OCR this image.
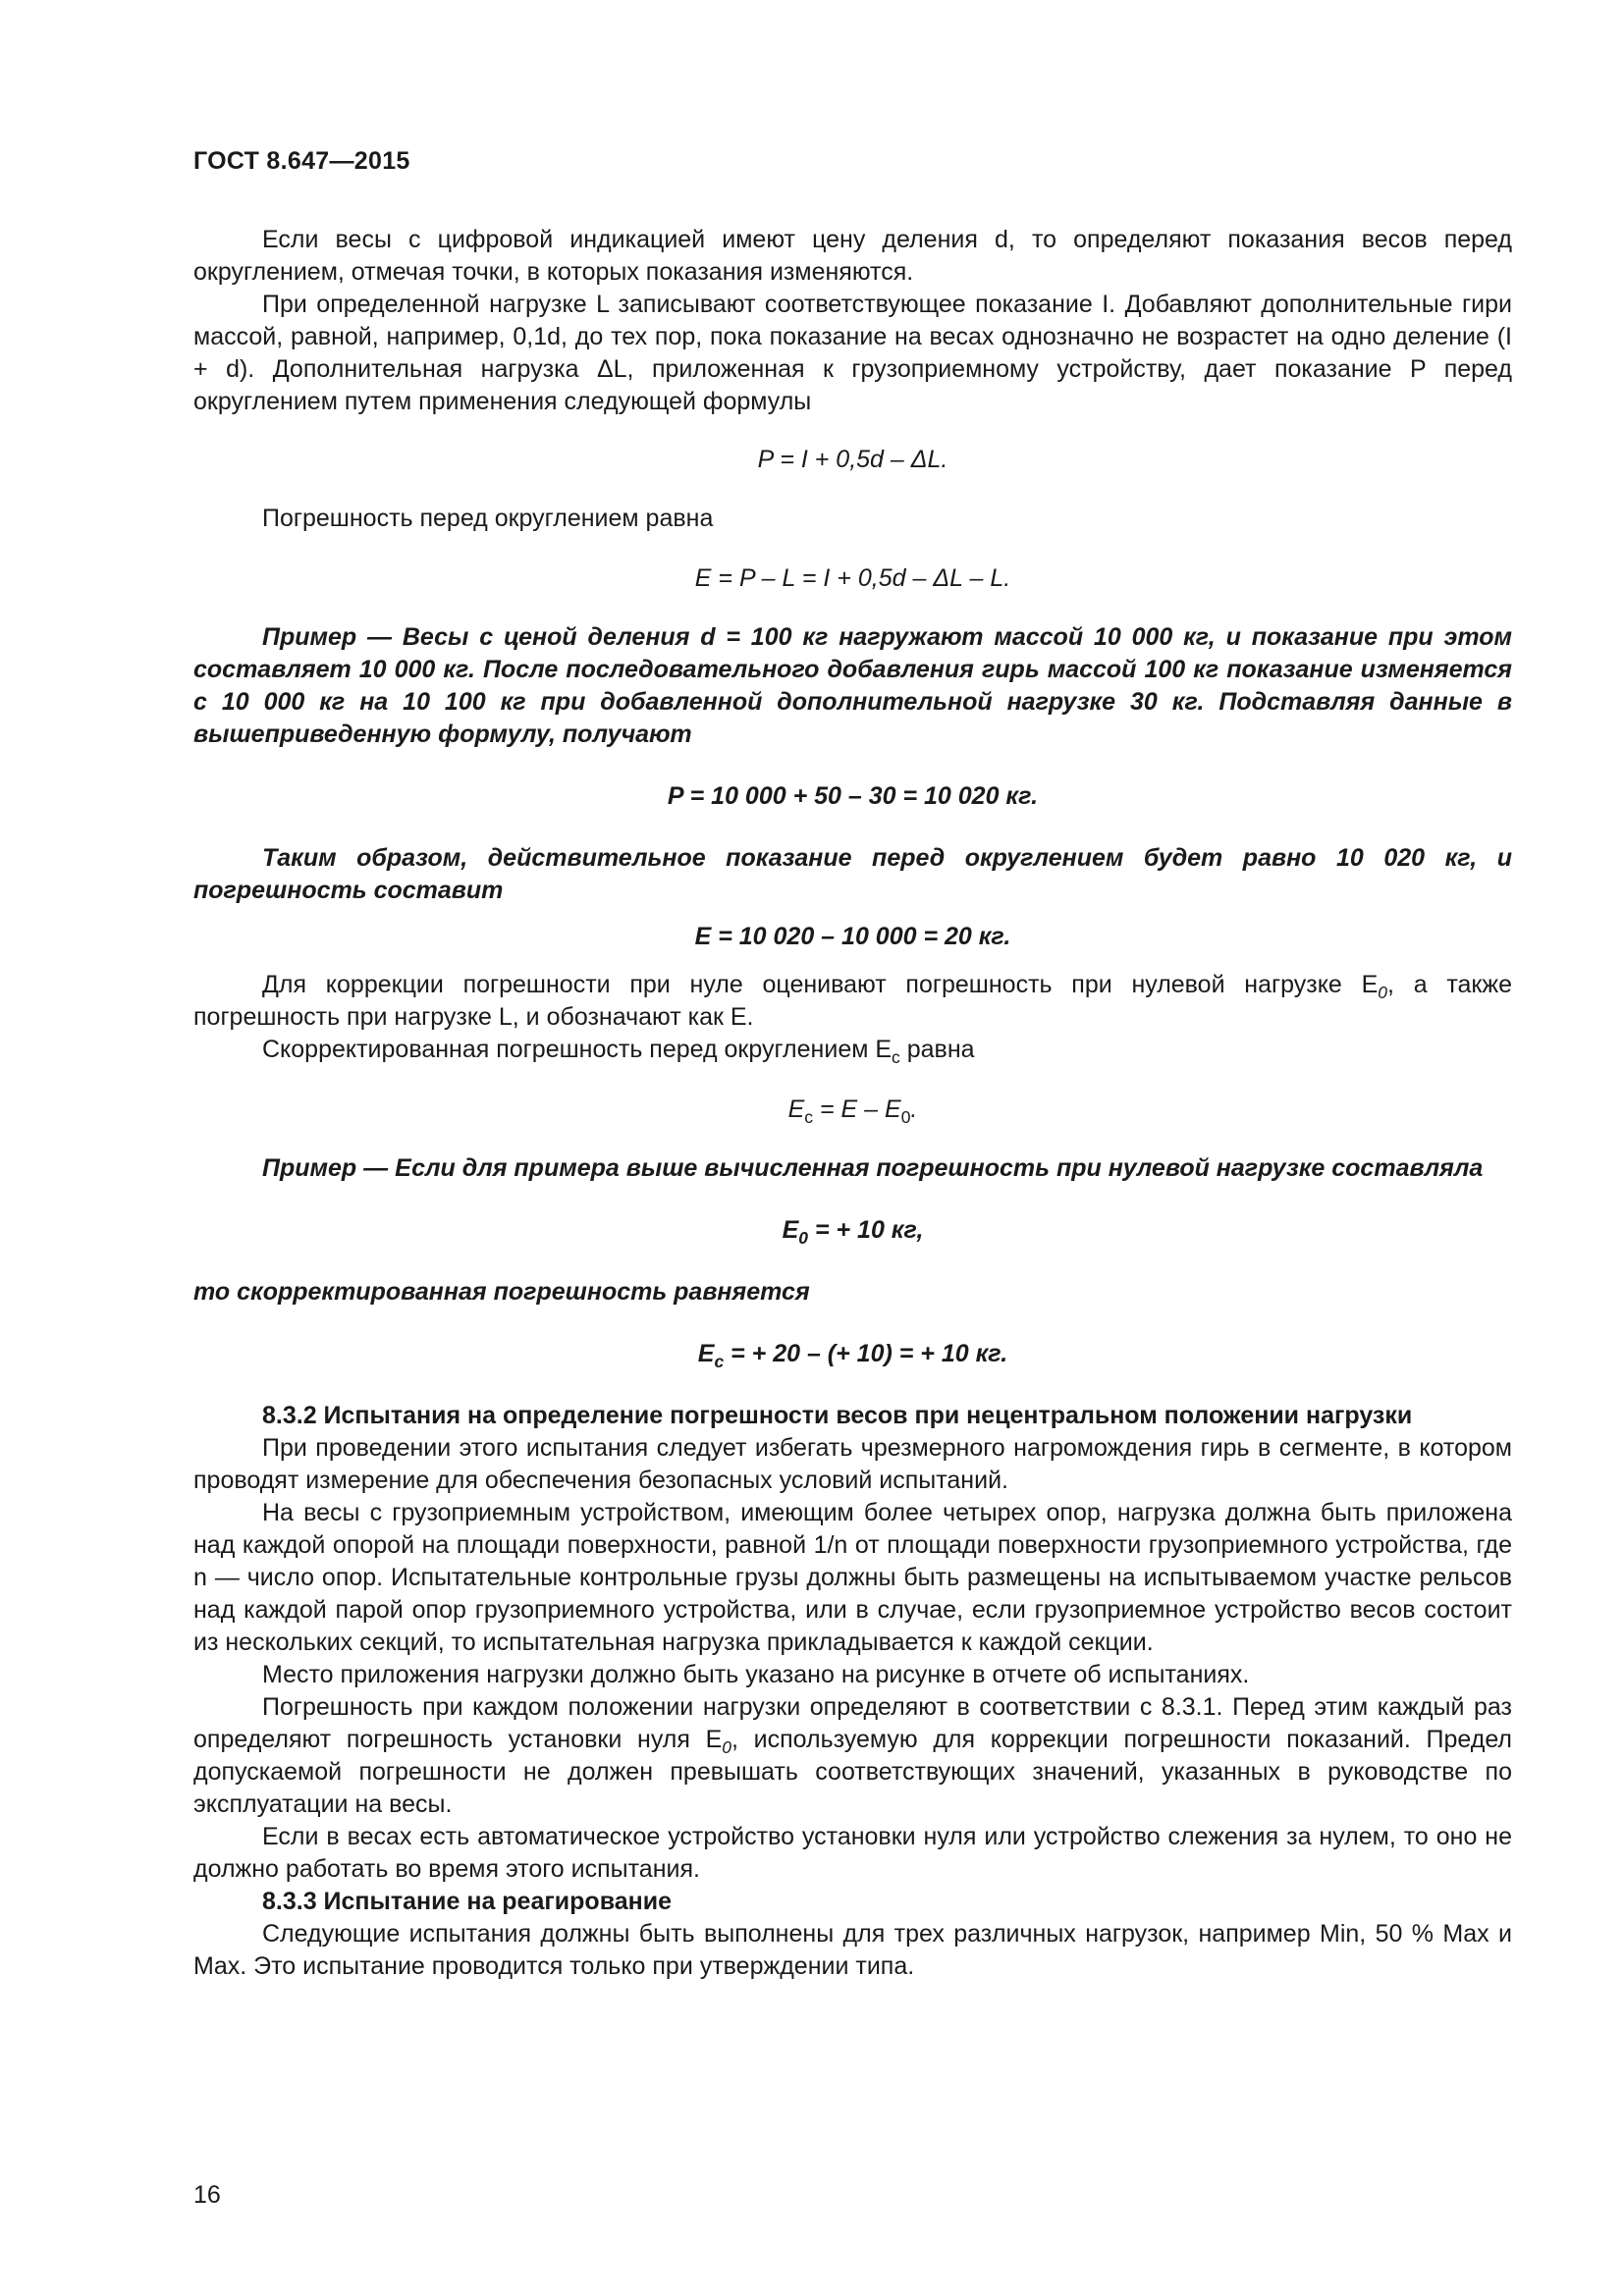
ГОСТ 8.647—2015

Если весы с цифровой индикацией имеют цену деления d, то определяют показания весов перед округлением, отмечая точки, в которых показания изменяются.

При определенной нагрузке L записывают соответствующее показание I. Добавляют дополнительные гири массой, равной, например, 0,1d, до тех пор, пока показание на весах однозначно не возрастет на одно деление (I + d). Дополнительная нагрузка ΔL, приложенная к грузоприемному устройству, дает показание P перед округлением путем применения следующей формулы

P = I + 0,5d – ΔL.

Погрешность перед округлением равна

E = P – L = I + 0,5d – ΔL – L.

Пример — Весы с ценой деления d = 100 кг нагружают массой 10 000 кг, и показание при этом составляет 10 000 кг. После последовательного добавления гирь массой 100 кг показание изменяется с 10 000 кг на 10 100 кг при добавленной дополнительной нагрузке 30 кг. Подставляя данные в вышеприведенную формулу, получают

P = 10 000 + 50 – 30 = 10 020 кг.

Таким образом, действительное показание перед округлением будет равно 10 020 кг, и погрешность составит

E = 10 020 – 10 000 = 20 кг.

Для коррекции погрешности при нуле оценивают погрешность при нулевой нагрузке $E_0$, а также погрешность при нагрузке L, и обозначают как E.

Скорректированная погрешность перед округлением $E_c$ равна

$E_c = E - E_0$.

Пример — Если для примера выше вычисленная погрешность при нулевой нагрузке составляла

$E_0$ = + 10 кг,

то скорректированная погрешность равняется

$E_c$ = + 20 – (+ 10) = + 10 кг.

8.3.2 Испытания на определение погрешности весов при нецентральном положении нагрузки

При проведении этого испытания следует избегать чрезмерного нагромождения гирь в сегменте, в котором проводят измерение для обеспечения безопасных условий испытаний.

На весы с грузоприемным устройством, имеющим более четырех опор, нагрузка должна быть приложена над каждой опорой на площади поверхности, равной 1/n от площади поверхности грузоприемного устройства, где n — число опор. Испытательные контрольные грузы должны быть размещены на испытываемом участке рельсов над каждой парой опор грузоприемного устройства, или в случае, если грузоприемное устройство весов состоит из нескольких секций, то испытательная нагрузка прикладывается к каждой секции.

Место приложения нагрузки должно быть указано на рисунке в отчете об испытаниях.

Погрешность при каждом положении нагрузки определяют в соответствии с 8.3.1. Перед этим каждый раз определяют погрешность установки нуля $E_0$, используемую для коррекции погрешности показаний. Предел допускаемой погрешности не должен превышать соответствующих значений, указанных в руководстве по эксплуатации на весы.

Если в весах есть автоматическое устройство установки нуля или устройство слежения за нулем, то оно не должно работать во время этого испытания.

8.3.3 Испытание на реагирование

Следующие испытания должны быть выполнены для трех различных нагрузок, например Min, 50 % Max и Max. Это испытание проводится только при утверждении типа.

16
